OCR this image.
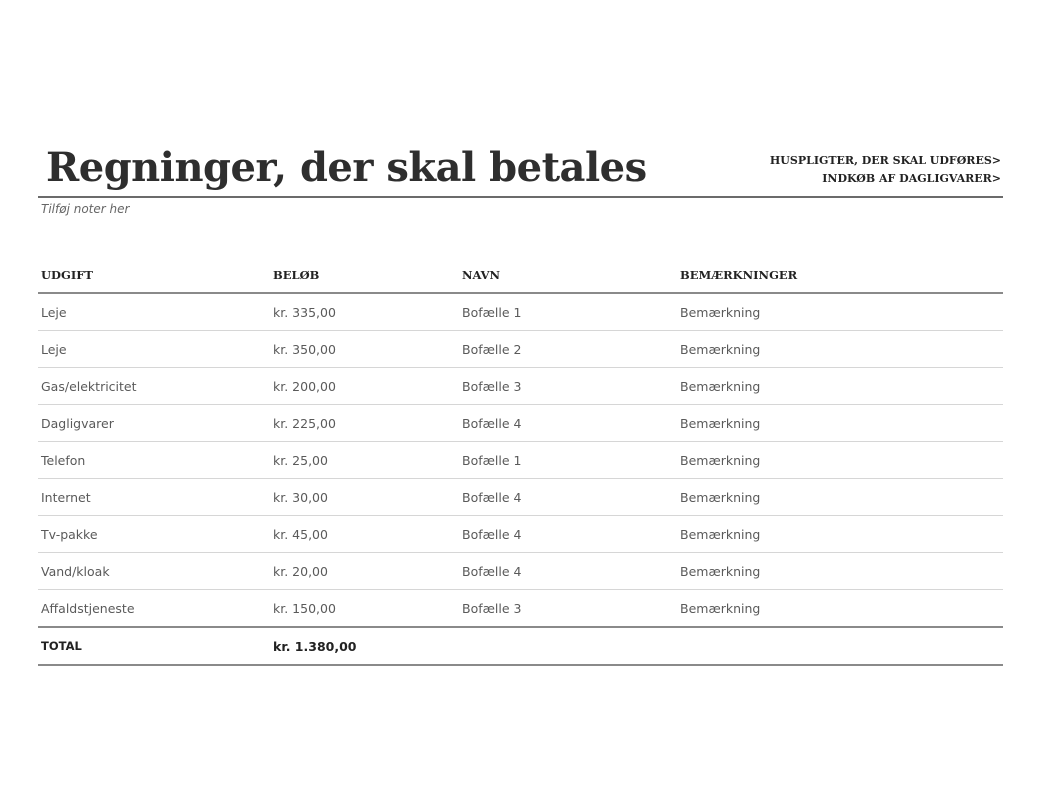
Regninger, der skal betales	HUSPLIGTER, DER SKAL UDFØRES>
INDKØB AF DAGLIGVARER>
Tilføj noter her
UDGIFT	BELØB	NAVN	BEMÆRKNINGER
Leje	kr. 335,00	Bofælle 1	Bemærkning
Leje	kr. 350,00	Bofælle 2	Bemærkning
Gas/elektricitet	kr. 200,00	Bofælle 3	Bemærkning
Dagligvarer	kr. 225,00	Bofælle 4	Bemærkning
Telefon	kr. 25,00	Bofælle 1	Bemærkning
Internet	kr. 30,00	Bofælle 4	Bemærkning
Tv-pakke	kr. 45,00	Bofælle 4	Bemærkning
Vand/kloak	kr. 20,00	Bofælle 4	Bemærkning
Affaldstjeneste	kr. 150,00	Bofælle 3	Bemærkning
TOTAL	kr. 1.380,00		
